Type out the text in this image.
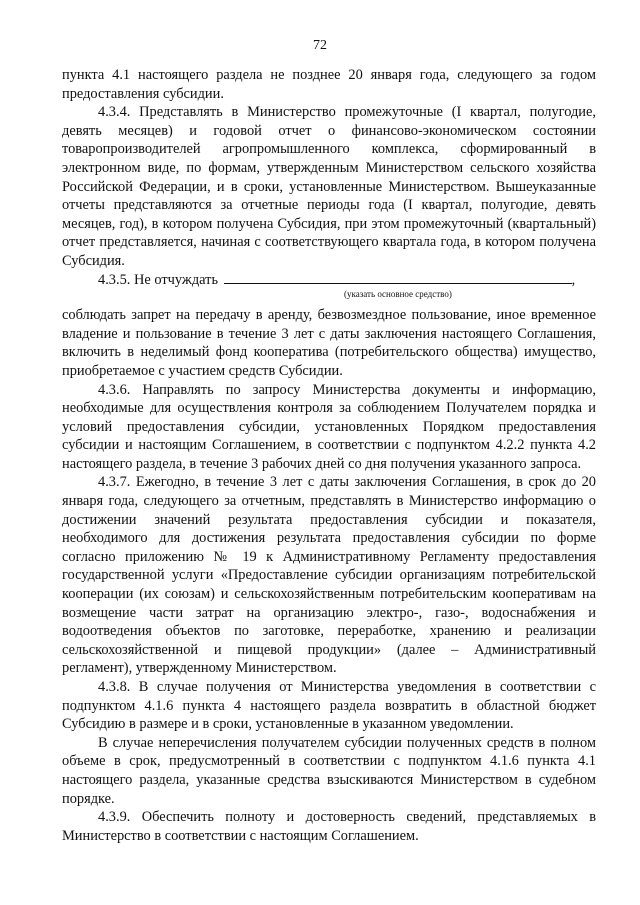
72

пункта 4.1 настоящего раздела не позднее 20 января года, следующего за годом предоставления субсидии.

4.3.4. Представлять в Министерство промежуточные (I квартал, полугодие, девять месяцев) и годовой отчет о финансово-экономическом состоянии товаропроизводителей агропромышленного комплекса, сформированный в электронном виде, по формам, утвержденным Министерством сельского хозяйства Российской Федерации, и в сроки, установленные Министерством. Вышеуказанные отчеты представляются за отчетные периоды года (I квартал, полугодие, девять месяцев, год), в котором получена Субсидия, при этом промежуточный (квартальный) отчет представляется, начиная с соответствующего квартала года, в котором получена Субсидия.

4.3.5. Не отчуждать	,

(указать основное средство)

соблюдать запрет на передачу в аренду, безвозмездное пользование, иное временное владение и пользование в течение 3 лет с даты заключения настоящего Соглашения, включить в неделимый фонд кооператива (потребительского общества) имущество, приобретаемое с участием средств Субсидии.

4.3.6. Направлять по запросу Министерства документы и информацию, необходимые для осуществления контроля за соблюдением Получателем порядка и условий предоставления субсидии, установленных Порядком предоставления субсидии и настоящим Соглашением, в соответствии с подпунктом 4.2.2 пункта 4.2 настоящего раздела, в течение 3 рабочих дней со дня получения указанного запроса.

4.3.7. Ежегодно, в течение 3 лет с даты заключения Соглашения, в срок до 20 января года, следующего за отчетным, представлять в Министерство информацию о достижении значений результата предоставления субсидии и показателя, необходимого для достижения результата предоставления субсидии по форме согласно приложению № 19 к Административному Регламенту предоставления государственной услуги «Предоставление субсидии организациям потребительской кооперации (их союзам) и сельскохозяйственным потребительским кооперативам на возмещение части затрат на организацию электро-, газо-, водоснабжения и водоотведения объектов по заготовке, переработке, хранению и реализации сельскохозяйственной и пищевой продукции» (далее – Административный регламент), утвержденному Министерством.

4.3.8. В случае получения от Министерства уведомления в соответствии с подпунктом 4.1.6 пункта 4 настоящего раздела возвратить в областной бюджет Субсидию в размере и в сроки, установленные в указанном уведомлении.

В случае неперечисления получателем субсидии полученных средств в полном объеме в срок, предусмотренный в соответствии с подпунктом 4.1.6 пункта 4.1 настоящего раздела, указанные средства взыскиваются Министерством в судебном порядке.

4.3.9. Обеспечить полноту и достоверность сведений, представляемых в Министерство в соответствии с настоящим Соглашением.
